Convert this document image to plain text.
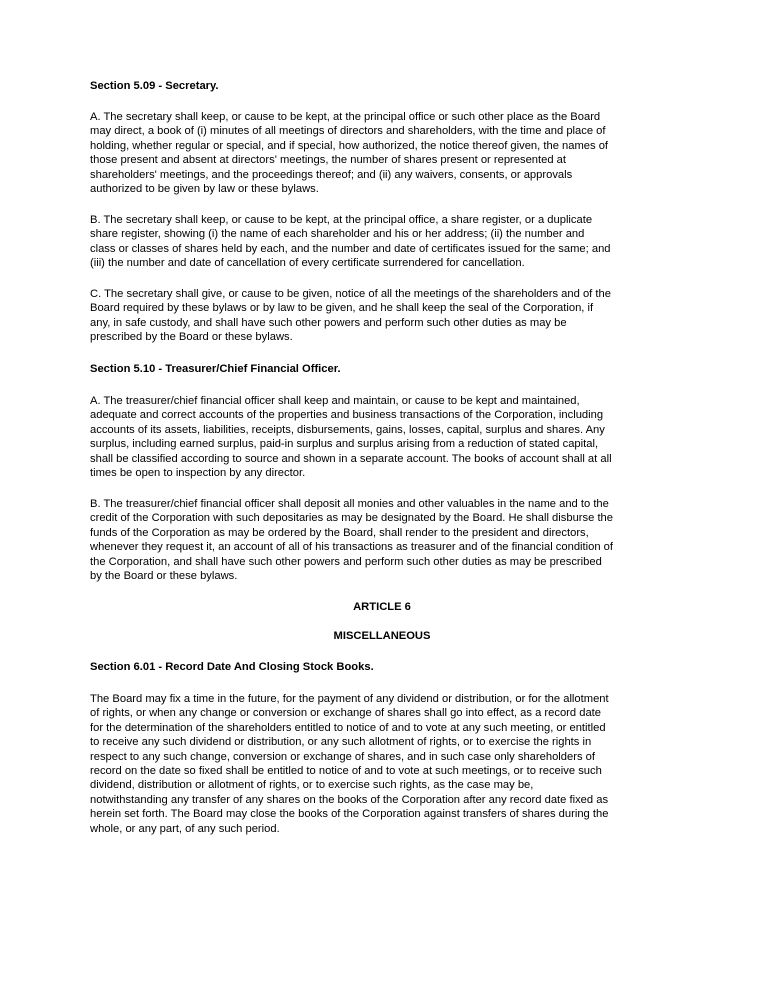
Section 5.09 - Secretary.

A. The secretary shall keep, or cause to be kept, at the principal office or such other place as the Board
may direct, a book of (i) minutes of all meetings of directors and shareholders, with the time and place of
holding, whether regular or special, and if special, how authorized, the notice thereof given, the names of
those present and absent at directors' meetings, the number of shares present or represented at
shareholders' meetings, and the proceedings thereof; and (ii) any waivers, consents, or approvals
authorized to be given by law or these bylaws.

B. The secretary shall keep, or cause to be kept, at the principal office, a share register, or a duplicate
share register, showing (i) the name of each shareholder and his or her address; (ii) the number and
class or classes of shares held by each, and the number and date of certificates issued for the same; and
(iii) the number and date of cancellation of every certificate surrendered for cancellation.

C. The secretary shall give, or cause to be given, notice of all the meetings of the shareholders and of the
Board required by these bylaws or by law to be given, and he shall keep the seal of the Corporation, if
any, in safe custody, and shall have such other powers and perform such other duties as may be
prescribed by the Board or these bylaws.

Section 5.10 - Treasurer/Chief Financial Officer.

A. The treasurer/chief financial officer shall keep and maintain, or cause to be kept and maintained,
adequate and correct accounts of the properties and business transactions of the Corporation, including
accounts of its assets, liabilities, receipts, disbursements, gains, losses, capital, surplus and shares. Any
surplus, including earned surplus, paid-in surplus and surplus arising from a reduction of stated capital,
shall be classified according to source and shown in a separate account. The books of account shall at all
times be open to inspection by any director.

B. The treasurer/chief financial officer shall deposit all monies and other valuables in the name and to the
credit of the Corporation with such depositaries as may be designated by the Board. He shall disburse the
funds of the Corporation as may be ordered by the Board, shall render to the president and directors,
whenever they request it, an account of all of his transactions as treasurer and of the financial condition of
the Corporation, and shall have such other powers and perform such other duties as may be prescribed
by the Board or these bylaws.

ARTICLE 6
MISCELLANEOUS

Section 6.01 - Record Date And Closing Stock Books.

The Board may fix a time in the future, for the payment of any dividend or distribution, or for the allotment
of rights, or when any change or conversion or exchange of shares shall go into effect, as a record date
for the determination of the shareholders entitled to notice of and to vote at any such meeting, or entitled
to receive any such dividend or distribution, or any such allotment of rights, or to exercise the rights in
respect to any such change, conversion or exchange of shares, and in such case only shareholders of
record on the date so fixed shall be entitled to notice of and to vote at such meetings, or to receive such
dividend, distribution or allotment of rights, or to exercise such rights, as the case may be,
notwithstanding any transfer of any shares on the books of the Corporation after any record date fixed as
herein set forth. The Board may close the books of the Corporation against transfers of shares during the
whole, or any part, of any such period.
